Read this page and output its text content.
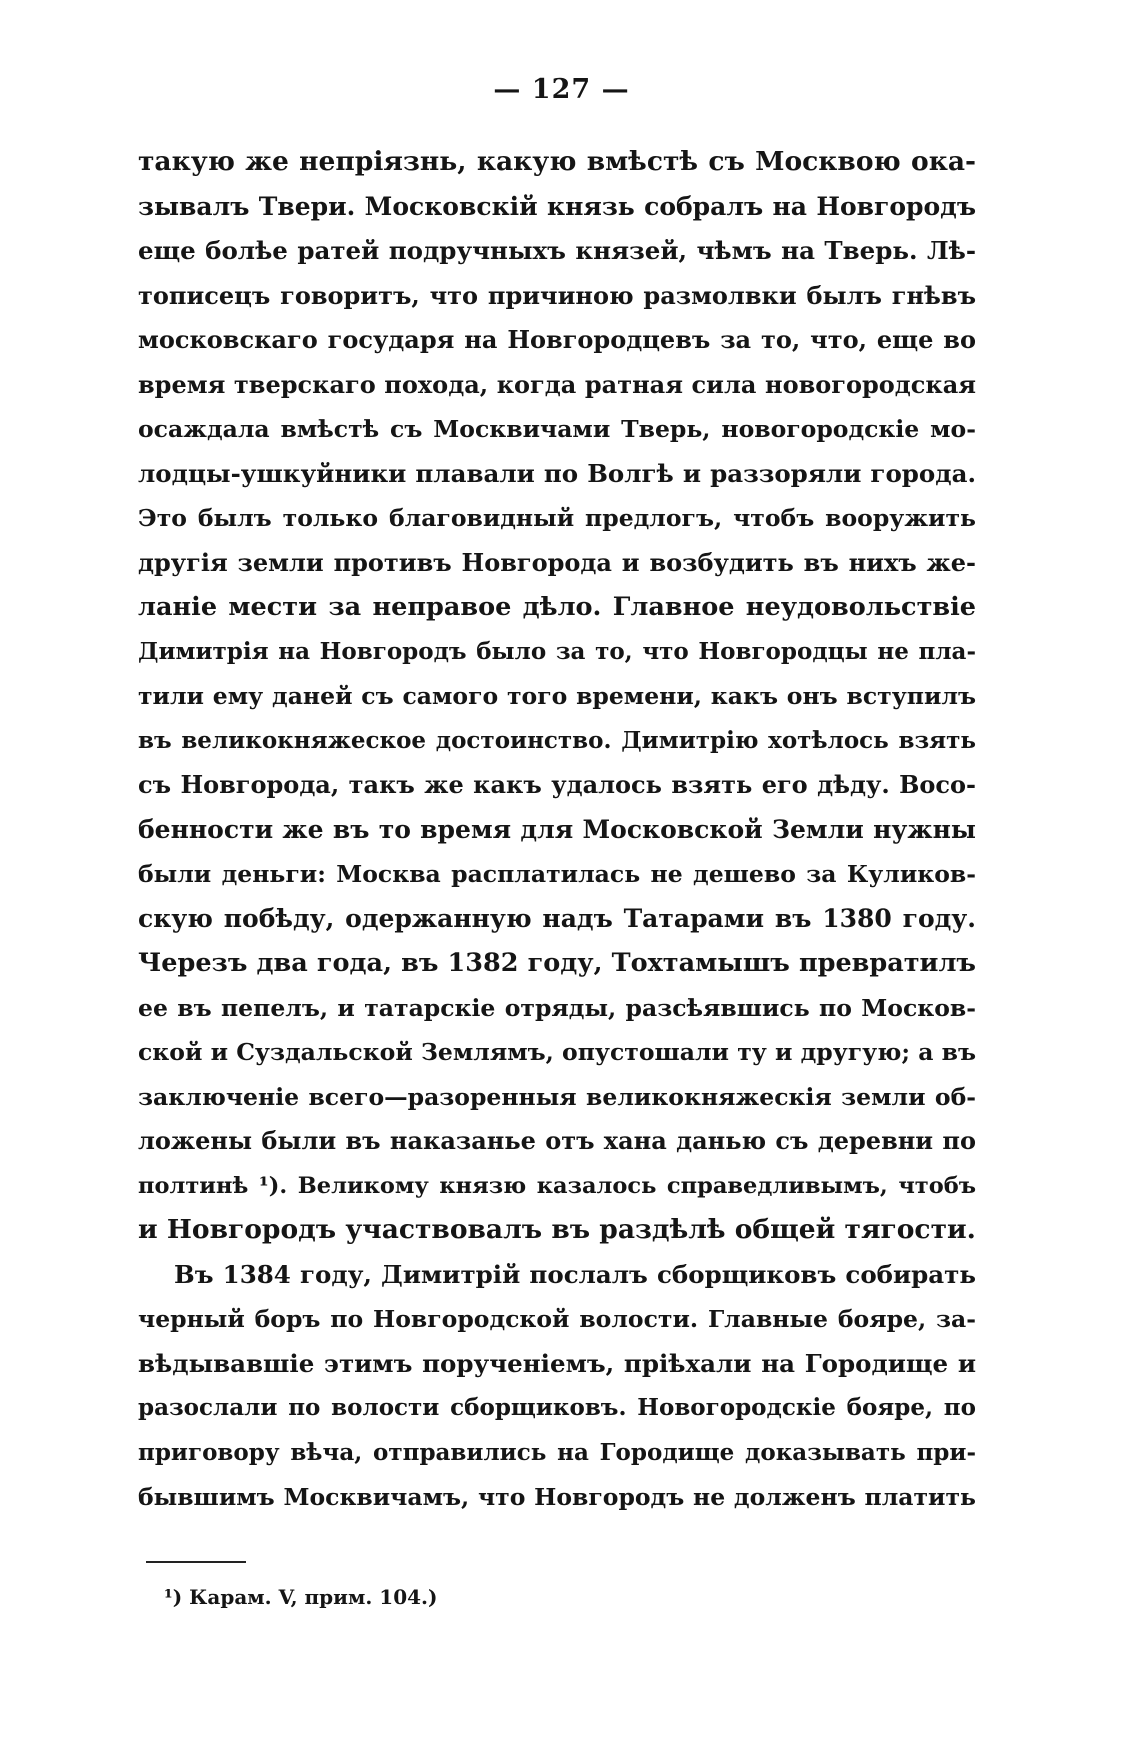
— 127 —
такую же непріязнь, какую вмѣстѣ съ Москвою ока-
зывалъ Твери. Московскій князь собралъ на Новгородъ
еще болѣе ратей подручныхъ князей, чѣмъ на Тверь. Лѣ-
тописецъ говоритъ, что причиною размолвки былъ гнѣвъ
московскаго государя на Новгородцевъ за то, что, еще во
время тверскаго похода, когда ратная сила новогородская
осаждала вмѣстѣ съ Москвичами Тверь, новогородскіе мо-
лодцы-ушкуйники плавали по Волгѣ и раззоряли города.
Это былъ только благовидный предлогъ, чтобъ вооружить
другія земли противъ Новгорода и возбудить въ нихъ же-
ланіе мести за неправое дѣло. Главное неудовольствіе
Димитрія на Новгородъ было за то, что Новгородцы не пла-
тили ему даней съ самого того времени, какъ онъ вступилъ
въ великокняжеское достоинство. Димитрію хотѣлось взять
съ Новгорода, такъ же какъ удалось взять его дѣду. Воcо-
бенности же въ то время для Московской Земли нужны
были деньги: Москва расплатилась не дешево за Куликов-
скую побѣду, одержанную надъ Татарами въ 1380 году.
Черезъ два года, въ 1382 году, Тохтамышъ превратилъ
ее въ пепелъ, и татарскіе отряды, разсѣявшись по Москов-
ской и Суздальской Землямъ, опустошали ту и другую; а въ
заключеніе всего—разоренныя великокняжескія земли об-
ложены были въ наказанье отъ хана данью съ деревни по
полтинѣ ¹). Великому князю казалось справедливымъ, чтобъ
и Новгородъ участвовалъ въ раздѣлѣ общей тягости.
Въ 1384 году, Димитрій послалъ сборщиковъ собирать
черный боръ по Новгородской волости. Главные бояре, за-
вѣдывавшіе этимъ порученіемъ, пріѣхали на Городище и
разослали по волости сборщиковъ. Новогородскіе бояре, по
приговору вѣча, отправились на Городище доказывать при-
бывшимъ Москвичамъ, что Новгородъ не долженъ платить
¹) Карам. V, прим. 104.)
